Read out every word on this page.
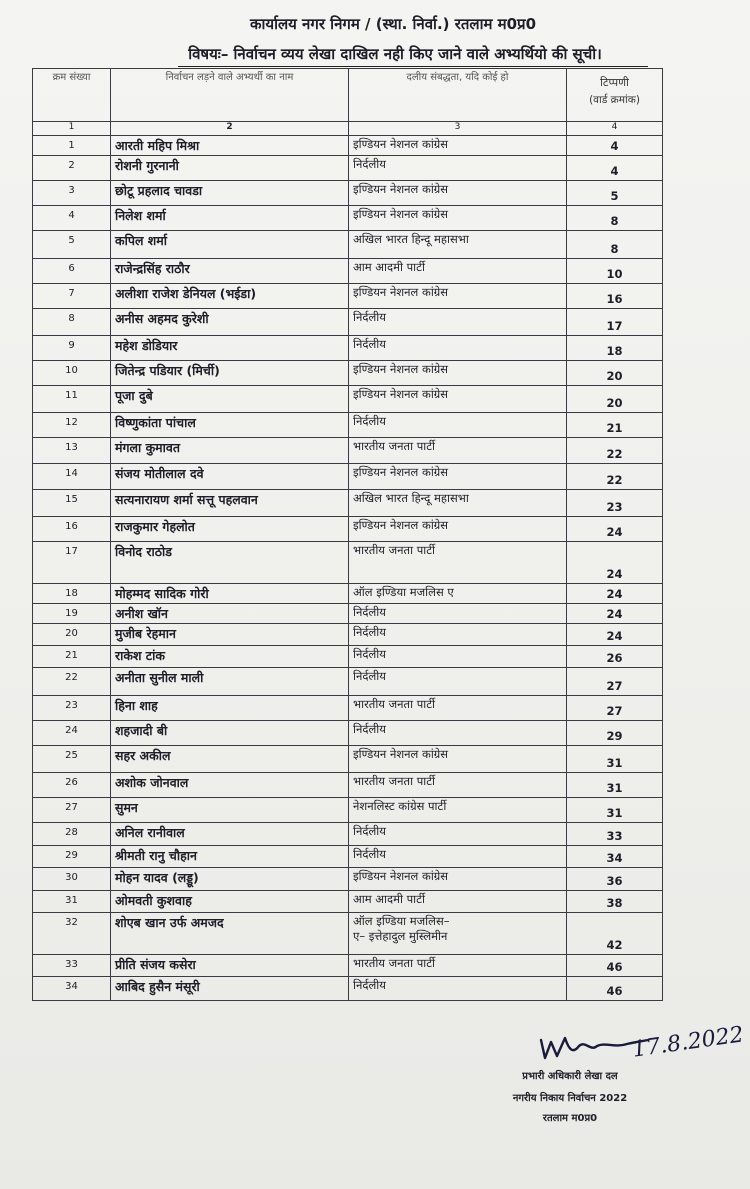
कार्यालय नगर निगम / (स्था. निर्वा.) रतलाम म0प्र0
विषयः– निर्वाचन व्यय लेखा दाखिल नही किए जाने वाले अभ्यर्थियो की सूची।
क्रम संख्या	निर्वाचन लड़ने वाले अभ्यर्थी का नाम	दलीय संबद्धता, यदि कोई हो	टिप्पणी
(वार्ड क्रमांक)

1	2	3	4
1	आरती महिप मिश्रा	इण्डियन नेशनल कांग्रेस	4
2	रोशनी गुरनानी	निर्दलीय	4
3	छोटू प्रहलाद चावडा	इण्डियन नेशनल कांग्रेस	5
4	निलेश शर्मा	इण्डियन नेशनल कांग्रेस	8
5	कपिल शर्मा	अखिल भारत हिन्दू महासभा	8
6	राजेन्द्रसिंह राठौर	आम आदमी पार्टी	10
7	अलीशा राजेश डेनियल (भईडा)	इण्डियन नेशनल कांग्रेस	16
8	अनीस अहमद कुरेशी	निर्दलीय	17
9	महेश डोडियार	निर्दलीय	18
10	जितेन्द्र पडियार (मिर्ची)	इण्डियन नेशनल कांग्रेस	20
11	पूजा दुबे	इण्डियन नेशनल कांग्रेस	20
12	विष्णुकांता पांचाल	निर्दलीय	21
13	मंगला कुमावत	भारतीय जनता पार्टी	22
14	संजय मोतीलाल दवे	इण्डियन नेशनल कांग्रेस	22
15	सत्यनारायण शर्मा सत्तू पहलवान	अखिल भारत हिन्दू महासभा	23
16	राजकुमार गेहलोत	इण्डियन नेशनल कांग्रेस	24
17	विनोद राठोड	भारतीय जनता पार्टी	24
18	मोहम्मद सादिक गोरी	ऑल इण्डिया मजलिस ए	24
19	अनीश खॉन	निर्दलीय	24
20	मुजीब रेहमान	निर्दलीय	24
21	राकेश टांक	निर्दलीय	26
22	अनीता सुनील माली	निर्दलीय	27
23	हिना शाह	भारतीय जनता पार्टी	27
24	शहजादी बी	निर्दलीय	29
25	सहर अकील	इण्डियन नेशनल कांग्रेस	31
26	अशोक जोनवाल	भारतीय जनता पार्टी	31
27	सुमन	नेशनलिस्ट कांग्रेस पार्टी	31
28	अनिल रानीवाल	निर्दलीय	33
29	श्रीमती रानु चौहान	निर्दलीय	34
30	मोहन यादव (लड्डू)	इण्डियन नेशनल कांग्रेस	36
31	ओमवती कुशवाह	आम आदमी पार्टी	38
32	शोएब खान उर्फ अमजद	ऑल इण्डिया मजलिस–
ए– इत्तेहादुल मुस्लिमीन	42
33	प्रीति संजय कसेरा	भारतीय जनता पार्टी	46
34	आबिद हुसैन मंसूरी	निर्दलीय	46
17.8.2022
प्रभारी अधिकारी लेखा दल
नगरीय निकाय निर्वाचन 2022
रतलाम म0प्र0
